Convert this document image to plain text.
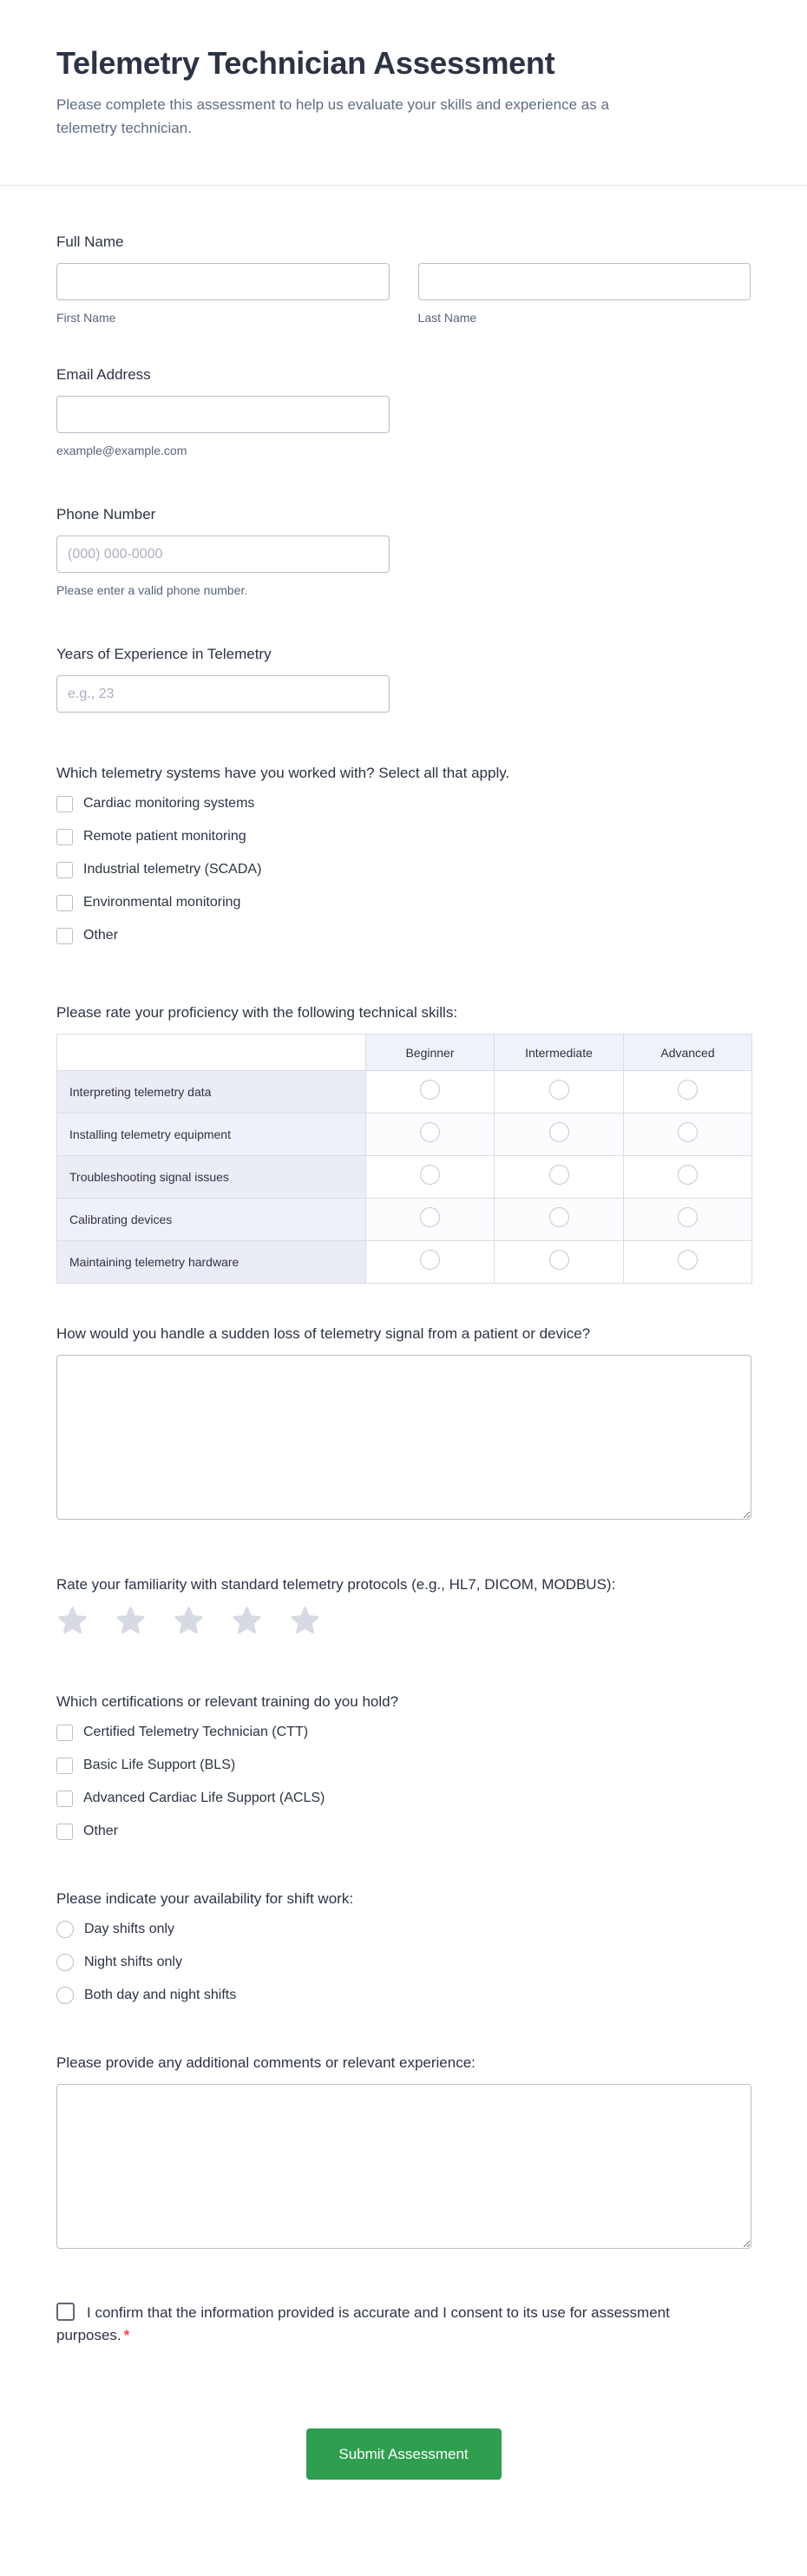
Telemetry Technician Assessment

Please complete this assessment to help us evaluate your skills and experience as a telemetry technician.

Full Name
First Name	Last Name
Email Address
example@example.com
Phone Number
(000) 000-0000
Please enter a valid phone number.
Years of Experience in Telemetry
e.g., 23
Which telemetry systems have you worked with? Select all that apply.
Cardiac monitoring systems
Remote patient monitoring
Industrial telemetry (SCADA)
Environmental monitoring
Other
Please rate your proficiency with the following technical skills:
	Beginner	Intermediate	Advanced
Interpreting telemetry data			
Installing telemetry equipment			
Troubleshooting signal issues			
Calibrating devices			
Maintaining telemetry hardware			
How would you handle a sudden loss of telemetry signal from a patient or device?
Rate your familiarity with standard telemetry protocols (e.g., HL7, DICOM, MODBUS):
Which certifications or relevant training do you hold?
Certified Telemetry Technician (CTT)
Basic Life Support (BLS)
Advanced Cardiac Life Support (ACLS)
Other
Please indicate your availability for shift work:
Day shifts only
Night shifts only
Both day and night shifts
Please provide any additional comments or relevant experience:

I confirm that the information provided is accurate and I consent to its use for assessment purposes. *

Submit Assessment
